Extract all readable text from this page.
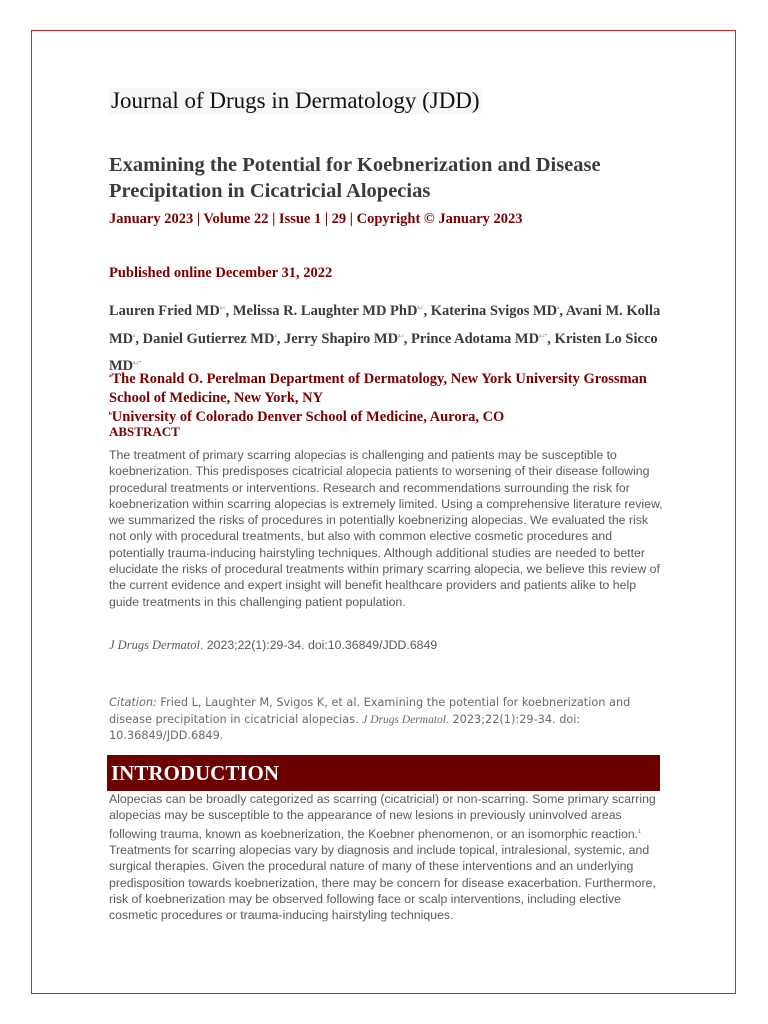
Journal of Drugs in Dermatology (JDD)
Examining the Potential for Koebnerization and Disease Precipitation in Cicatricial Alopecias
January 2023 | Volume 22 | Issue 1 | 29 | Copyright © January 2023
Published online December 31, 2022
Lauren Fried MD$^{a,c}$, Melissa R. Laughter MD PhD$^{b,c}$, Katerina Svigos $MD^a$, Avani M. Kolla $MD^a$, Daniel Gutierrez $MD^a$, Jerry Shapiro MD$^{a,c}$, Prince Adotama $MD^{a,c*}$, Kristen Lo Sicco $MD^{a,c*}$
$^a$The Ronald O. Perelman Department of Dermatology, New York University Grossman School of Medicine, New York, NY
$^b$University of Colorado Denver School of Medicine, Aurora, CO
ABSTRACT
The treatment of primary scarring alopecias is challenging and patients may be susceptible to koebnerization. This predisposes cicatricial alopecia patients to worsening of their disease following procedural treatments or interventions. Research and recommendations surrounding the risk for koebnerization within scarring alopecias is extremely limited. Using a comprehensive literature review, we summarized the risks of procedures in potentially koebnerizing alopecias. We evaluated the risk not only with procedural treatments, but also with common elective cosmetic procedures and potentially trauma-inducing hairstyling techniques. Although additional studies are needed to better elucidate the risks of procedural treatments within primary scarring alopecia, we believe this review of the current evidence and expert insight will benefit healthcare providers and patients alike to help guide treatments in this challenging patient population.
J Drugs Dermatol. 2023;22(1):29-34. doi:10.36849/JDD.6849
Citation: Fried L, Laughter M, Svigos K, et al. Examining the potential for koebnerization and disease precipitation in cicatricial alopecias. J Drugs Dermatol. 2023;22(1):29-34. doi: 10.36849/JDD.6849.
INTRODUCTION
Alopecias can be broadly categorized as scarring (cicatricial) or non-scarring. Some primary scarring alopecias may be susceptible to the appearance of new lesions in previously uninvolved areas following trauma, known as koebnerization, the Koebner phenomenon, or an isomorphic reaction.$^1$ Treatments for scarring alopecias vary by diagnosis and include topical, intralesional, systemic, and surgical therapies. Given the procedural nature of many of these interventions and an underlying predisposition towards koebnerization, there may be concern for disease exacerbation. Furthermore, risk of koebnerization may be observed following face or scalp interventions, including elective cosmetic procedures or trauma-inducing hairstyling techniques.
